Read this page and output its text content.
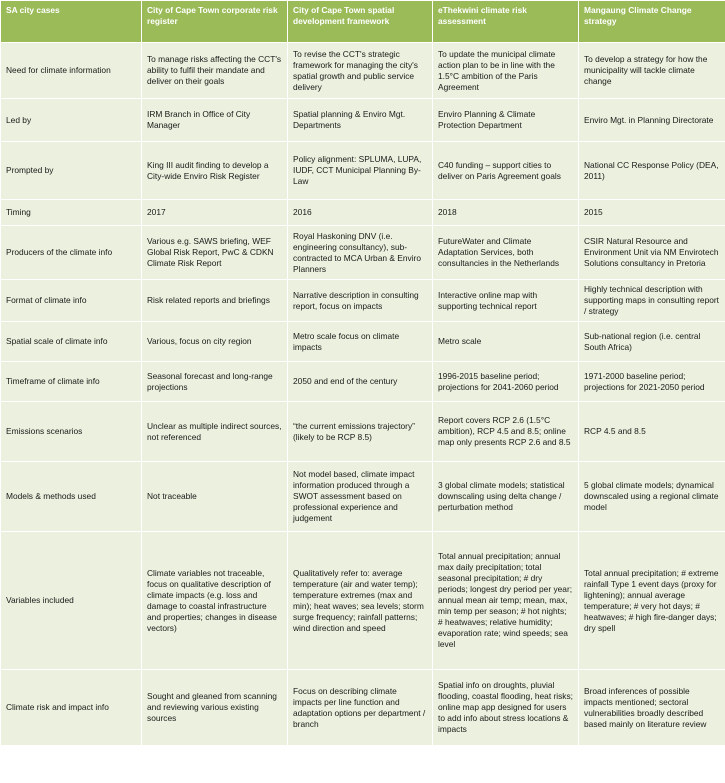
SA city cases	City of Cape Town corporate risk register	City of Cape Town spatial development framework	eThekwini climate risk assessment	Mangaung Climate Change strategy
Need for climate information	To manage risks affecting the CCT's ability to fulfil their mandate and deliver on their goals	To revise the CCT's strategic framework for managing the city's spatial growth and public service delivery	To update the municipal climate action plan to be in line with the 1.5°C ambition of the Paris Agreement	To develop a strategy for how the municipality will tackle climate change
Led by	IRM Branch in Office of City Manager	Spatial planning & Enviro Mgt. Departments	Enviro Planning & Climate Protection Department	Enviro Mgt. in Planning Directorate
Prompted by	King III audit finding to develop a City-wide Enviro Risk Register	Policy alignment: SPLUMA, LUPA, IUDF, CCT Municipal Planning By-Law	C40 funding – support cities to deliver on Paris Agreement goals	National CC Response Policy (DEA, 2011)
Timing	2017	2016	2018	2015
Producers of the climate info	Various e.g. SAWS briefing, WEF Global Risk Report, PwC & CDKN Climate Risk Report	Royal Haskoning DNV (i.e. engineering consultancy), sub-contracted to MCA Urban & Enviro Planners	FutureWater and Climate Adaptation Services, both consultancies in the Netherlands	CSIR Natural Resource and Environment Unit via NM Envirotech Solutions consultancy in Pretoria
Format of climate info	Risk related reports and briefings	Narrative description in consulting report, focus on impacts	Interactive online map with supporting technical report	Highly technical description with supporting maps in consulting report / strategy
Spatial scale of climate info	Various, focus on city region	Metro scale focus on climate impacts	Metro scale	Sub-national region (i.e. central South Africa)
Timeframe of climate info	Seasonal forecast and long-range projections	2050 and end of the century	1996-2015 baseline period; projections for 2041-2060 period	1971-2000 baseline period; projections for 2021-2050 period
Emissions scenarios	Unclear as multiple indirect sources, not referenced	“the current emissions trajectory” (likely to be RCP 8.5)	Report covers RCP 2.6 (1.5°C ambition), RCP 4.5 and 8.5; online map only presents RCP 2.6 and 8.5	RCP 4.5 and 8.5
Models & methods used	Not traceable	Not model based, climate impact information produced through a SWOT assessment based on professional experience and judgement	3 global climate models; statistical downscaling using delta change / perturbation method	5 global climate models; dynamical downscaled using a regional climate model
Variables included	Climate variables not traceable, focus on qualitative description of climate impacts (e.g. loss and damage to coastal infrastructure and properties; changes in disease vectors)	Qualitatively refer to: average temperature (air and water temp); temperature extremes (max and min); heat waves; sea levels; storm surge frequency; rainfall patterns; wind direction and speed	Total annual precipitation; annual max daily precipitation; total seasonal precipitation; # dry periods; longest dry period per year; annual mean air temp; mean, max, min temp per season; # hot nights; # heatwaves; relative humidity; evaporation rate; wind speeds; sea level	Total annual precipitation; # extreme rainfall Type 1 event days (proxy for lightening); annual average temperature; # very hot days; # heatwaves; # high fire-danger days; dry spell
Climate risk and impact info	Sought and gleaned from scanning and reviewing various existing sources	Focus on describing climate impacts per line function and adaptation options per department / branch	Spatial info on droughts, pluvial flooding, coastal flooding, heat risks; online map app designed for users to add info about stress locations & impacts	Broad inferences of possible impacts mentioned; sectoral vulnerabilities broadly described based mainly on literature review
